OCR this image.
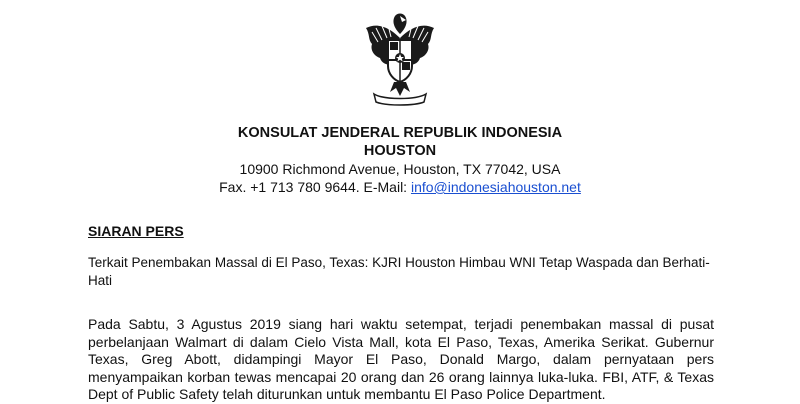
KONSULAT JENDERAL REPUBLIK INDONESIA

HOUSTON

10900 Richmond Avenue, Houston, TX 77042, USA

Fax. +1 713 780 9644. E-Mail: info@indonesiahouston.net

SIARAN PERS

Terkait Penembakan Massal di El Paso, Texas: KJRI Houston Himbau WNI Tetap Waspada dan Berhati-Hati

Pada Sabtu, 3 Agustus 2019 siang hari waktu setempat, terjadi penembakan massal di pusat perbelanjaan Walmart di dalam Cielo Vista Mall, kota El Paso, Texas, Amerika Serikat. Gubernur Texas, Greg Abott, didampingi Mayor El Paso, Donald Margo, dalam pernyataan pers menyampaikan korban tewas mencapai 20 orang dan 26 orang lainnya luka-luka. FBI, ATF, & Texas Dept of Public Safety telah diturunkan untuk membantu El Paso Police Department.
